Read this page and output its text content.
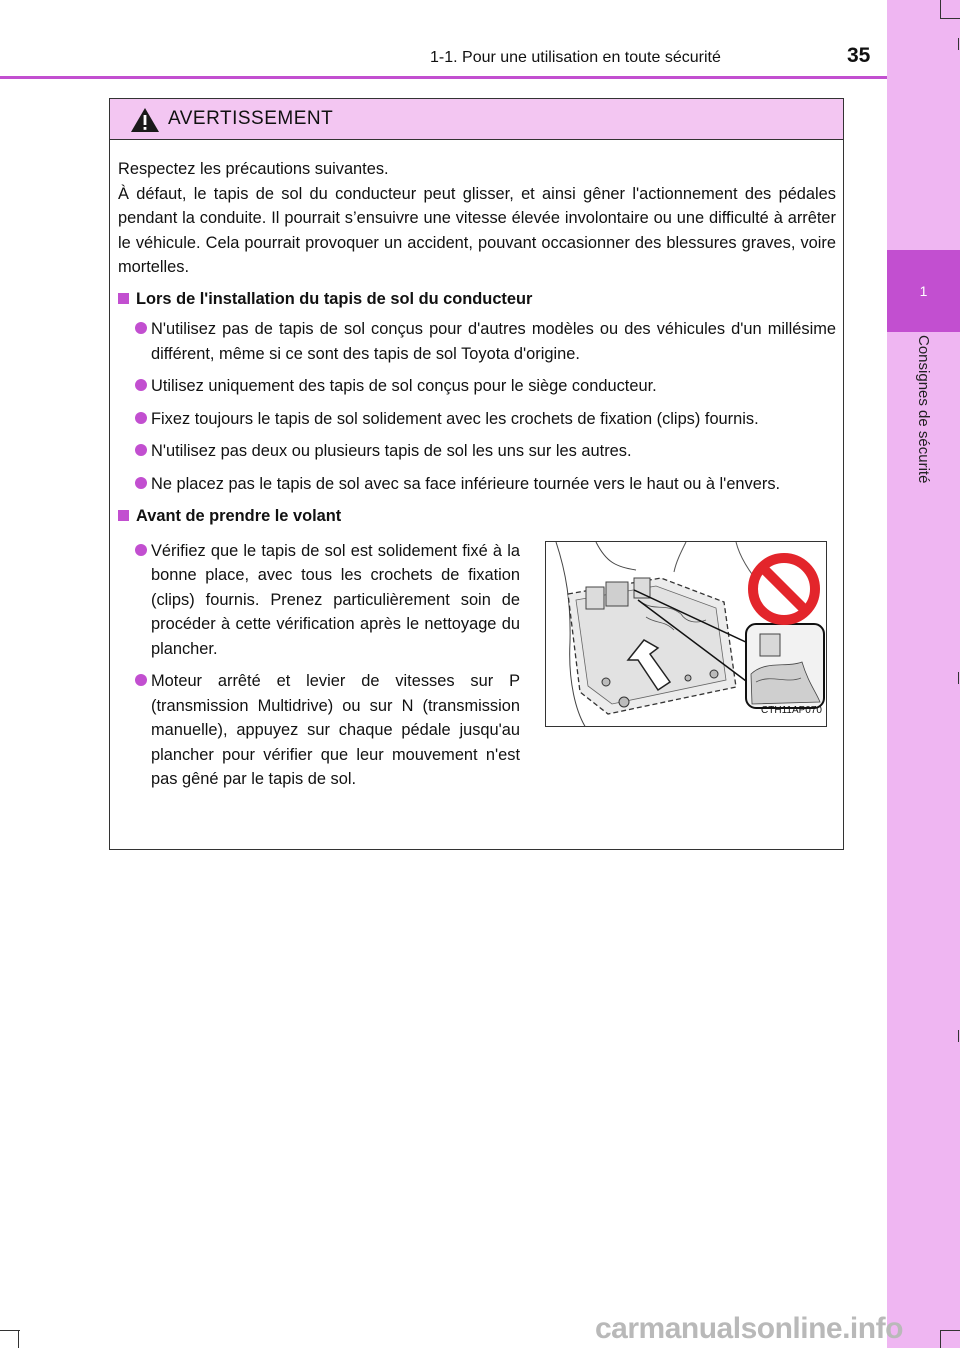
1
Consignes de sécurité
1-1. Pour une utilisation en toute sécurité	35
AVERTISSEMENT

Respectez les précautions suivantes.

À défaut, le tapis de sol du conducteur peut glisser, et ainsi gêner l'actionnement des pédales pendant la conduite. Il pourrait s’ensuivre une vitesse élevée involontaire ou une difficulté à arrêter le véhicule. Cela pourrait provoquer un accident, pouvant occasionner des blessures graves, voire mortelles.

Lors de l'installation du tapis de sol du conducteur
N'utilisez pas de tapis de sol conçus pour d'autres modèles ou des véhicules d'un millésime différent, même si ce sont des tapis de sol Toyota d'origine.
Utilisez uniquement des tapis de sol conçus pour le siège conducteur.
Fixez toujours le tapis de sol solidement avec les crochets de fixation (clips) fournis.
N'utilisez pas deux ou plusieurs tapis de sol les uns sur les autres.
Ne placez pas le tapis de sol avec sa face inférieure tournée vers le haut ou à l'envers.
Avant de prendre le volant
Vérifiez que le tapis de sol est solidement fixé à la bonne place, avec tous les crochets de fixation (clips) fournis. Prenez particulièrement soin de procéder à cette vérification après le nettoyage du plancher.
Moteur arrêté et levier de vitesses sur P (transmission Multidrive) ou sur N (transmission manuelle), appuyez sur chaque pédale jusqu'au plancher pour vérifier que leur mouvement n'est pas gêné par le tapis de sol.
CTH11AP070
carmanualsonline.info
